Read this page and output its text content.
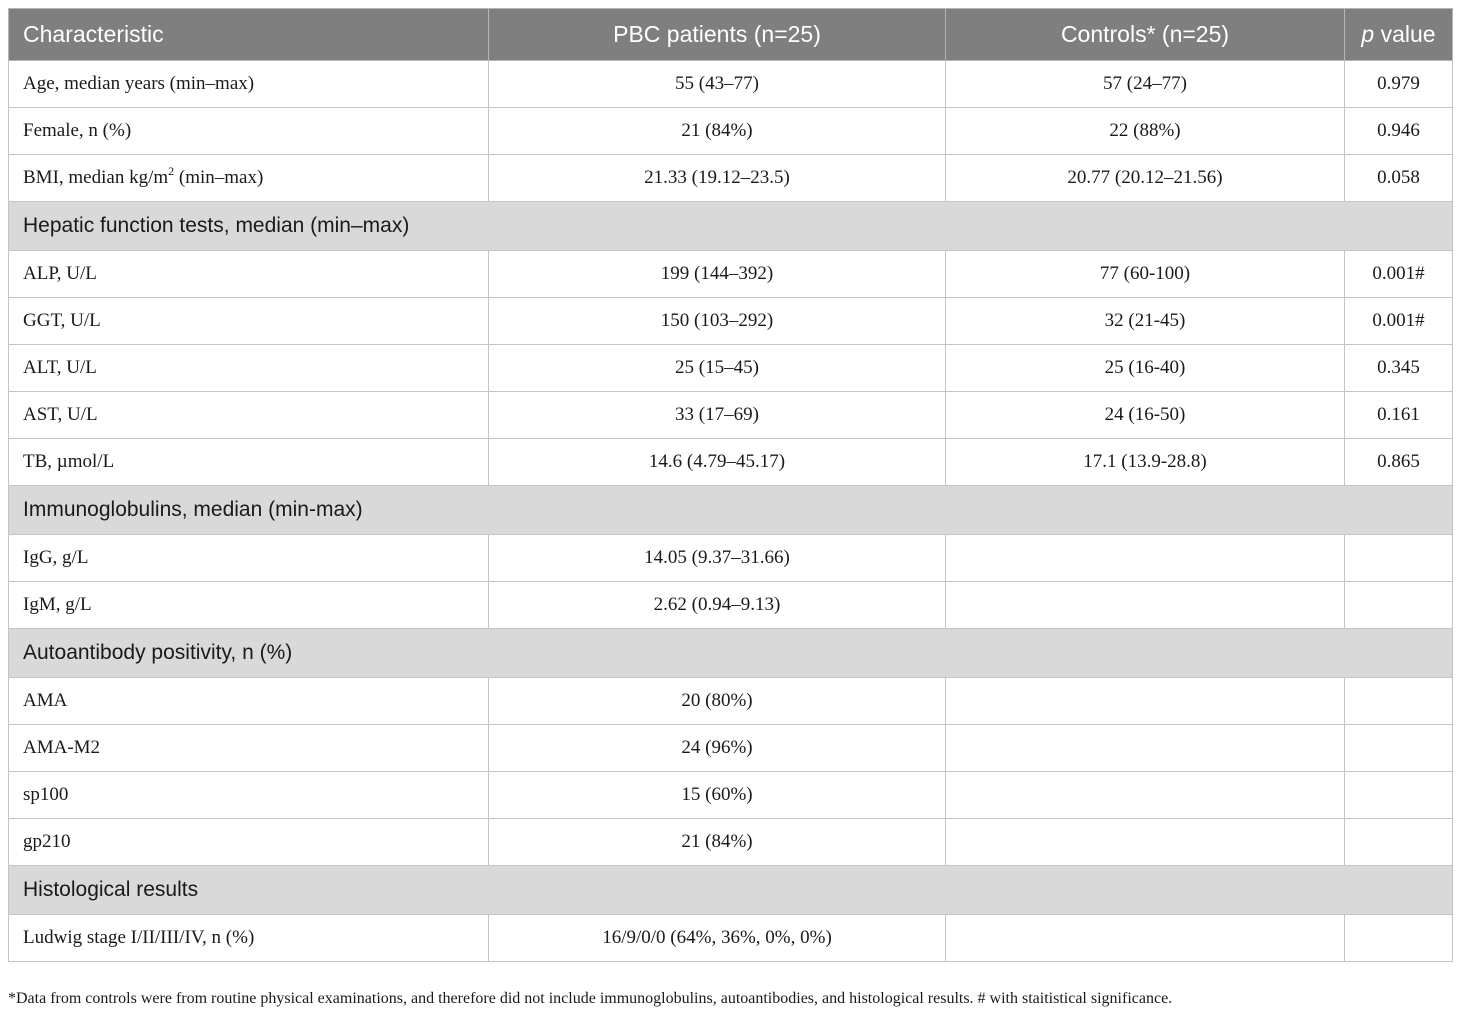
Characteristic	PBC patients (n=25)	Controls* (n=25)	p value
Age, median years (min–max)	55 (43–77)	57 (24–77)	0.979
Female, n (%)	21 (84%)	22 (88%)	0.946
BMI, median $kg/m^2$ (min–max)	21.33 (19.12–23.5)	20.77 (20.12–21.56)	0.058
Hepatic function tests, median (min–max)			
ALP, U/L	199 (144–392)	77 (60-100)	0.001#
GGT, U/L	150 (103–292)	32 (21-45)	0.001#
ALT, U/L	25 (15–45)	25 (16-40)	0.345
AST, U/L	33 (17–69)	24 (16-50)	0.161
TB, µmol/L	14.6 (4.79–45.17)	17.1 (13.9-28.8)	0.865
Immunoglobulins, median (min-max)			
IgG, g/L	14.05 (9.37–31.66)		
IgM, g/L	2.62 (0.94–9.13)		
Autoantibody positivity, n (%)			
AMA	20 (80%)		
AMA-M2	24 (96%)		
sp100	15 (60%)		
gp210	21 (84%)		
Histological results			
Ludwig stage I/II/III/IV, n (%)	16/9/0/0 (64%, 36%, 0%, 0%)		
*Data from controls were from routine physical examinations, and therefore did not include immunoglobulins, autoantibodies, and histological results. # with staitistical significance.
